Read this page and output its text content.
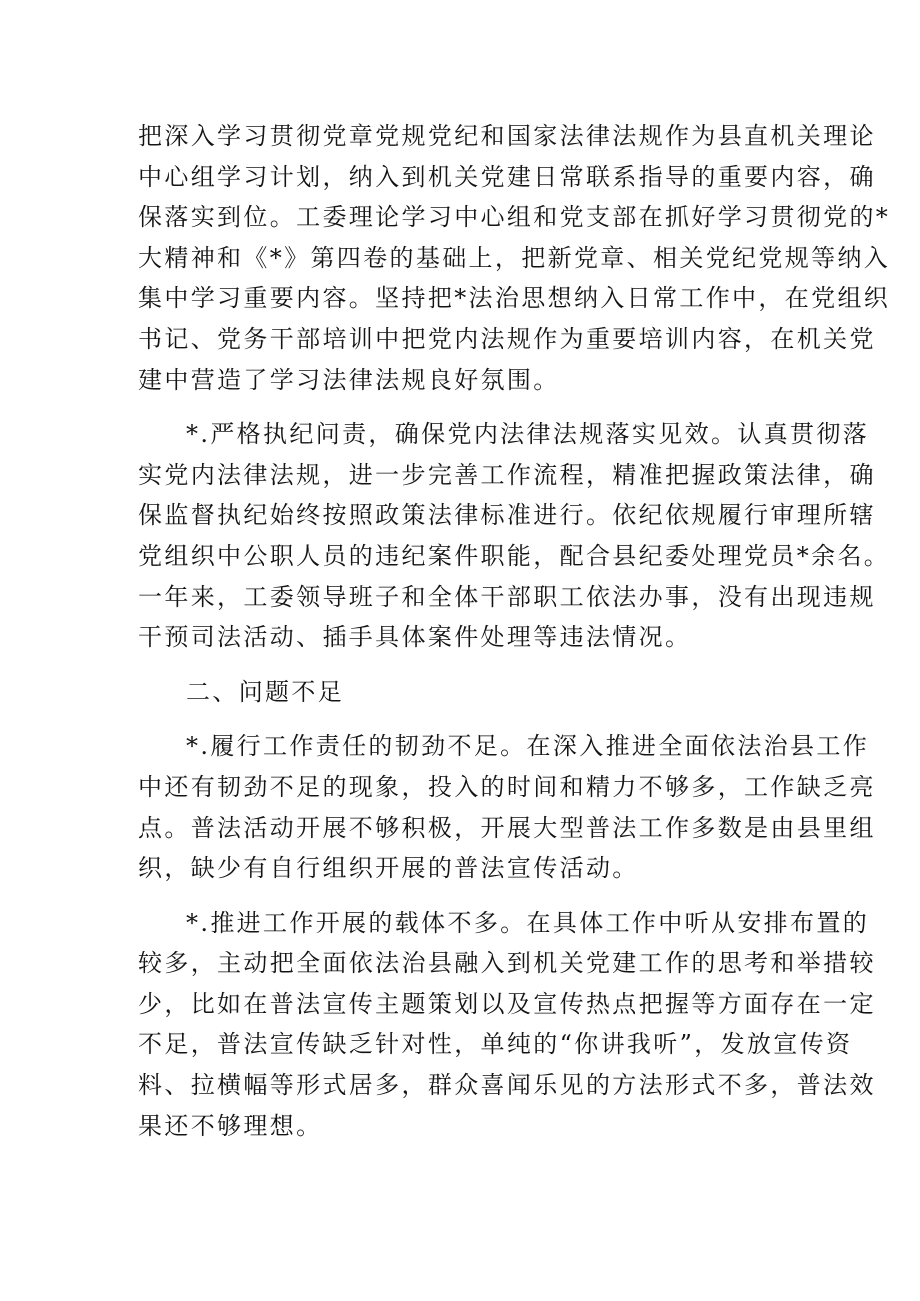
把深入学习贯彻党章党规党纪和国家法律法规作为县直机关理论
中心组学习计划，纳入到机关党建日常联系指导的重要内容，确
保落实到位。工委理论学习中心组和党支部在抓好学习贯彻党的*
大精神和《*》第四卷的基础上，把新党章、相关党纪党规等纳入
集中学习重要内容。坚持把*法治思想纳入日常工作中，在党组织
书记、党务干部培训中把党内法规作为重要培训内容，在机关党
建中营造了学习法律法规良好氛围。
*.严格执纪问责，确保党内法律法规落实见效。认真贯彻落
实党内法律法规，进一步完善工作流程，精准把握政策法律，确
保监督执纪始终按照政策法律标准进行。依纪依规履行审理所辖
党组织中公职人员的违纪案件职能，配合县纪委处理党员*余名。
一年来，工委领导班子和全体干部职工依法办事，没有出现违规
干预司法活动、插手具体案件处理等违法情况。
二、问题不足
*.履行工作责任的韧劲不足。在深入推进全面依法治县工作
中还有韧劲不足的现象，投入的时间和精力不够多，工作缺乏亮
点。普法活动开展不够积极，开展大型普法工作多数是由县里组
织，缺少有自行组织开展的普法宣传活动。
*.推进工作开展的载体不多。在具体工作中听从安排布置的
较多，主动把全面依法治县融入到机关党建工作的思考和举措较
少，比如在普法宣传主题策划以及宣传热点把握等方面存在一定
不足，普法宣传缺乏针对性，单纯的“你讲我听”，发放宣传资
料、拉横幅等形式居多，群众喜闻乐见的方法形式不多，普法效
果还不够理想。
